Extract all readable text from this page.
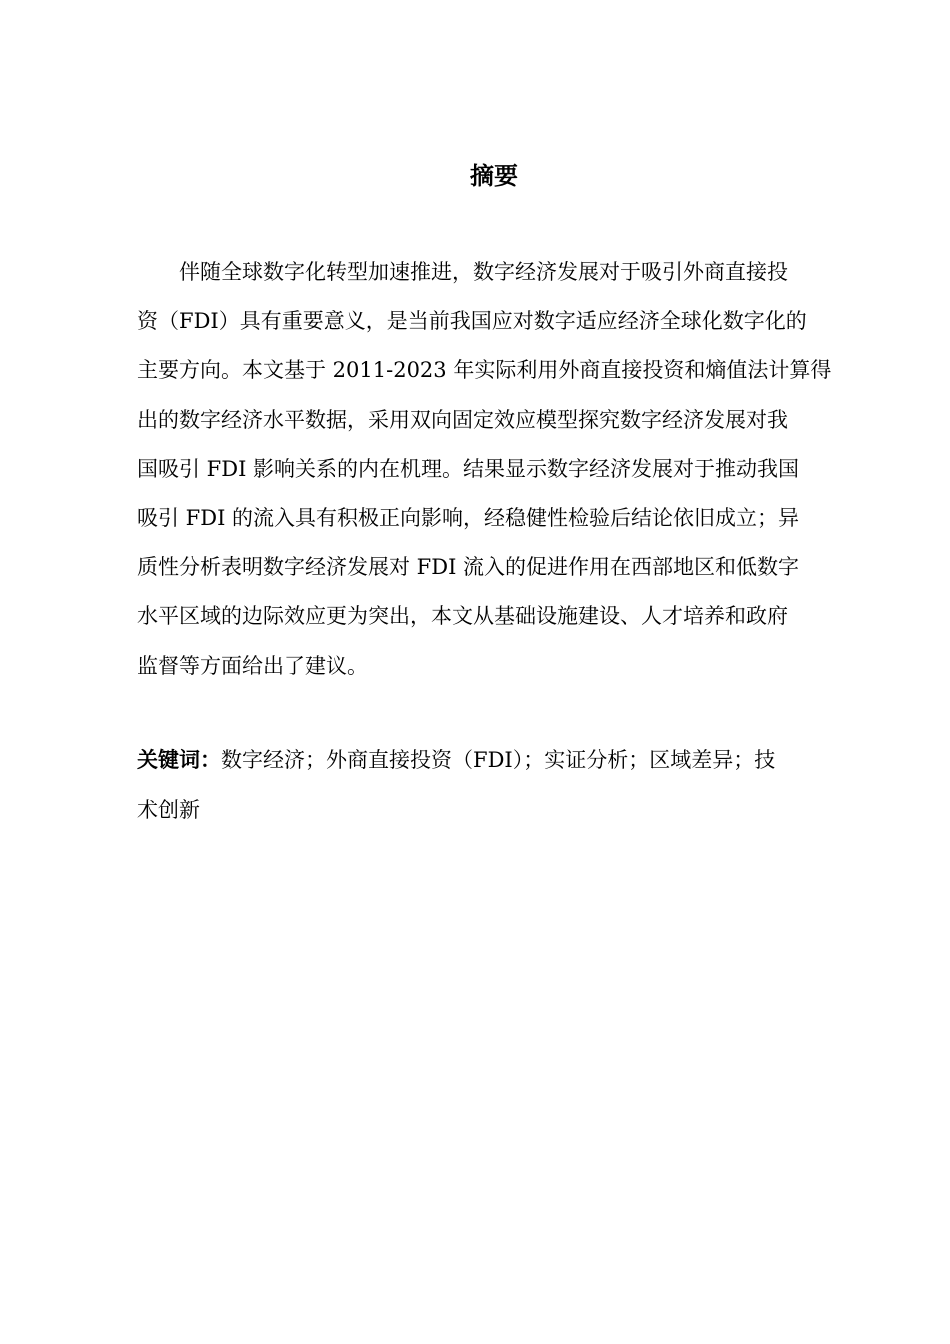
摘要
伴随全球数字化转型加速推进，数字经济发展对于吸引外商直接投
资（FDI）具有重要意义，是当前我国应对数字适应经济全球化数字化的
主要方向。本文基于 2011-2023 年实际利用外商直接投资和熵值法计算得
出的数字经济水平数据，采用双向固定效应模型探究数字经济发展对我
国吸引 FDI 影响关系的内在机理。结果显示数字经济发展对于推动我国
吸引 FDI 的流入具有积极正向影响，经稳健性检验后结论依旧成立；异
质性分析表明数字经济发展对 FDI 流入的促进作用在西部地区和低数字
水平区域的边际效应更为突出，本文从基础设施建设、人才培养和政府
监督等方面给出了建议。
关键词：数字经济；外商直接投资（FDI）；实证分析；区域差异；技
术创新
